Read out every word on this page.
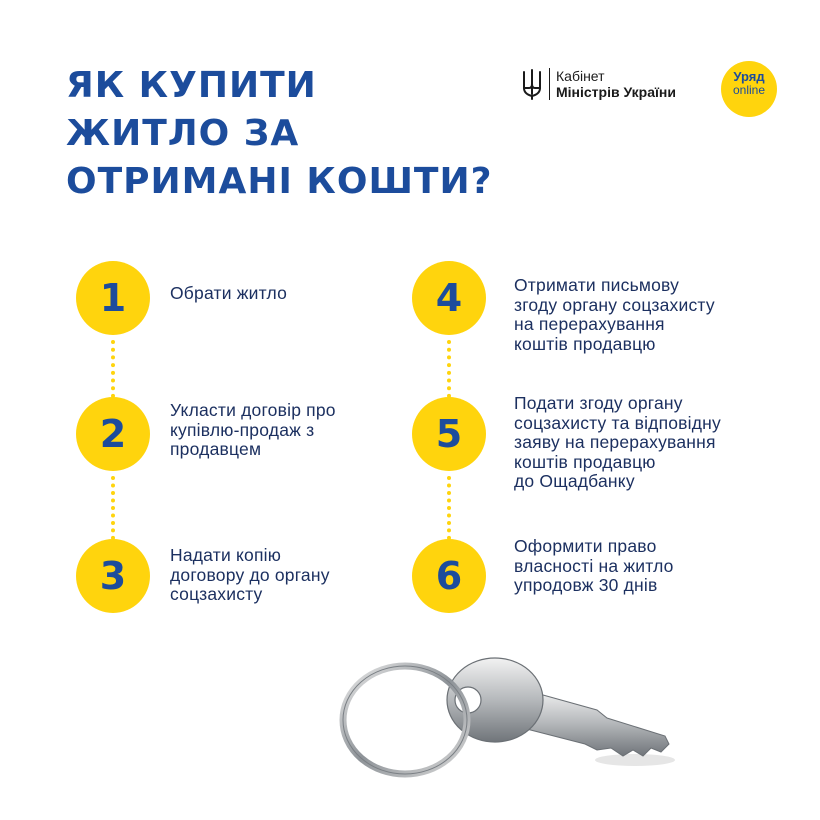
ЯК КУПИТИ
ЖИТЛО ЗА
ОТРИМАНІ КОШТИ?
Кабінет
Міністрів України
Уряд
online
1
2
3

Обрати житло

Укласти договір про
купівлю-продаж з
продавцем

Надати копію
договору до органу
соцзахисту

4
5
6

Отримати письмову
згоду органу соцзахисту
на перерахування
коштів продавцю

Подати згоду органу
соцзахисту та відповідну
заяву на перерахування
коштів продавцю
до Ощадбанку

Оформити право
власності на житло
упродовж 30 днів
